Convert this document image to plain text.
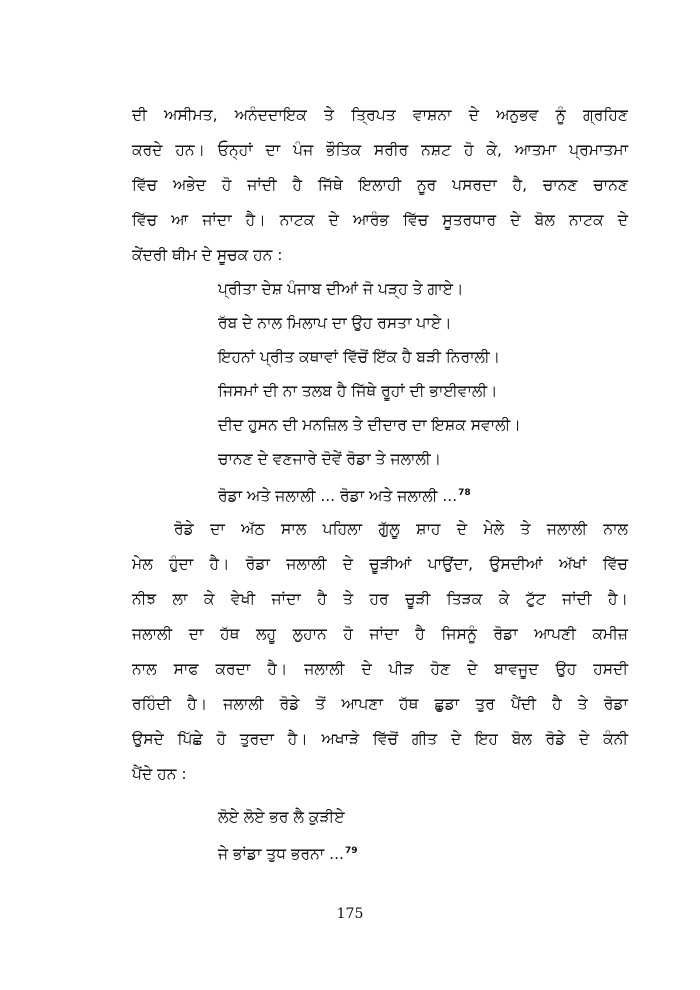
ਦੀ ਅਸੀਮਤ, ਅਨੰਦਦਾਇਕ ਤੇ ਤ੍ਰਿਪਤ ਵਾਸ਼ਨਾ ਦੇ ਅਨੁਭਵ ਨੂੰ ਗ੍ਰਹਿਣ
ਕਰਦੇ ਹਨ। ਓਨ੍ਹਾਂ ਦਾ ਪੰਜ ਭੌਤਿਕ ਸਰੀਰ ਨਸ਼ਟ ਹੋ ਕੇ, ਆਤਮਾ ਪ੍ਰਮਾਤਮਾ
ਵਿੱਚ ਅਭੇਦ ਹੋ ਜਾਂਦੀ ਹੈ ਜਿੱਥੇ ਇਲਾਹੀ ਨੂਰ ਪਸਰਦਾ ਹੈ, ਚਾਨਣ ਚਾਨਣ
ਵਿੱਚ ਆ ਜਾਂਦਾ ਹੈ। ਨਾਟਕ ਦੇ ਆਰੰਭ ਵਿੱਚ ਸੂਤਰਧਾਰ ਦੇ ਬੋਲ ਨਾਟਕ ਦੇ
ਕੇਂਦਰੀ ਥੀਮ ਦੇ ਸੂਚਕ ਹਨ :
ਪ੍ਰੀਤਾ ਦੇਸ਼ ਪੰਜਾਬ ਦੀਆਂ ਜੋ ਪੜ੍ਹ ਤੇ ਗਾਏ।
ਰੱਬ ਦੇ ਨਾਲ ਮਿਲਾਪ ਦਾ ਉਹ ਰਸਤਾ ਪਾਏ।
ਇਹਨਾਂ ਪ੍ਰੀਤ ਕਥਾਵਾਂ ਵਿੱਚੋਂ ਇੱਕ ਹੈ ਬੜੀ ਨਿਰਾਲੀ।
ਜਿਸਮਾਂ ਦੀ ਨਾ ਤਲਬ ਹੈ ਜਿੱਥੇ ਰੂਹਾਂ ਦੀ ਭਾਈਵਾਲੀ।
ਦੀਦ ਹੁਸਨ ਦੀ ਮਨਜ਼ਿਲ ਤੇ ਦੀਦਾਰ ਦਾ ਇਸ਼ਕ ਸਵਾਲੀ।
ਚਾਨਣ ਦੇ ਵਣਜਾਰੇ ਦੋਵੇਂ ਰੋਡਾ ਤੇ ਜਲਾਲੀ।
ਰੋਡਾ ਅਤੇ ਜਲਾਲੀ ... ਰੋਡਾ ਅਤੇ ਜਲਾਲੀ ...$^{78}$
ਰੋਡੇ ਦਾ ਅੱਠ ਸਾਲ ਪਹਿਲਾ ਗੁੱਲੂ ਸ਼ਾਹ ਦੇ ਮੇਲੇ ਤੇ ਜਲਾਲੀ ਨਾਲ
ਮੇਲ ਹੁੰਦਾ ਹੈ। ਰੋਡਾ ਜਲਾਲੀ ਦੇ ਚੂੜੀਆਂ ਪਾਉਂਦਾ, ਉਸਦੀਆਂ ਅੱਖਾਂ ਵਿੱਚ
ਨੀਝ ਲਾ ਕੇ ਵੇਖੀ ਜਾਂਦਾ ਹੈ ਤੇ ਹਰ ਚੂੜੀ ਤਿੜਕ ਕੇ ਟੁੱਟ ਜਾਂਦੀ ਹੈ।
ਜਲਾਲੀ ਦਾ ਹੱਥ ਲਹੂ ਲੁਹਾਨ ਹੋ ਜਾਂਦਾ ਹੈ ਜਿਸਨੂੰ ਰੋਡਾ ਆਪਣੀ ਕਮੀਜ਼
ਨਾਲ ਸਾਫ ਕਰਦਾ ਹੈ। ਜਲਾਲੀ ਦੇ ਪੀੜ ਹੋਣ ਦੇ ਬਾਵਜੂਦ ਉਹ ਹਸਦੀ
ਰਹਿੰਦੀ ਹੈ। ਜਲਾਲੀ ਰੋਡੇ ਤੋਂ ਆਪਣਾ ਹੱਥ ਛੁਡਾ ਤੁਰ ਪੈਂਦੀ ਹੈ ਤੇ ਰੋਡਾ
ਉਸਦੇ ਪਿੱਛੇ ਹੋ ਤੁਰਦਾ ਹੈ। ਅਖਾੜੇ ਵਿੱਚੋਂ ਗੀਤ ਦੇ ਇਹ ਬੋਲ ਰੋਡੇ ਦੇ ਕੰਨੀ
ਪੈਂਦੇ ਹਨ :
ਲੋਏ ਲੋਏ ਭਰ ਲੈ ਕੁੜੀਏ
ਜੇ ਭਾਂਡਾ ਤੁਧ ਭਰਨਾ ...$^{79}$
175
